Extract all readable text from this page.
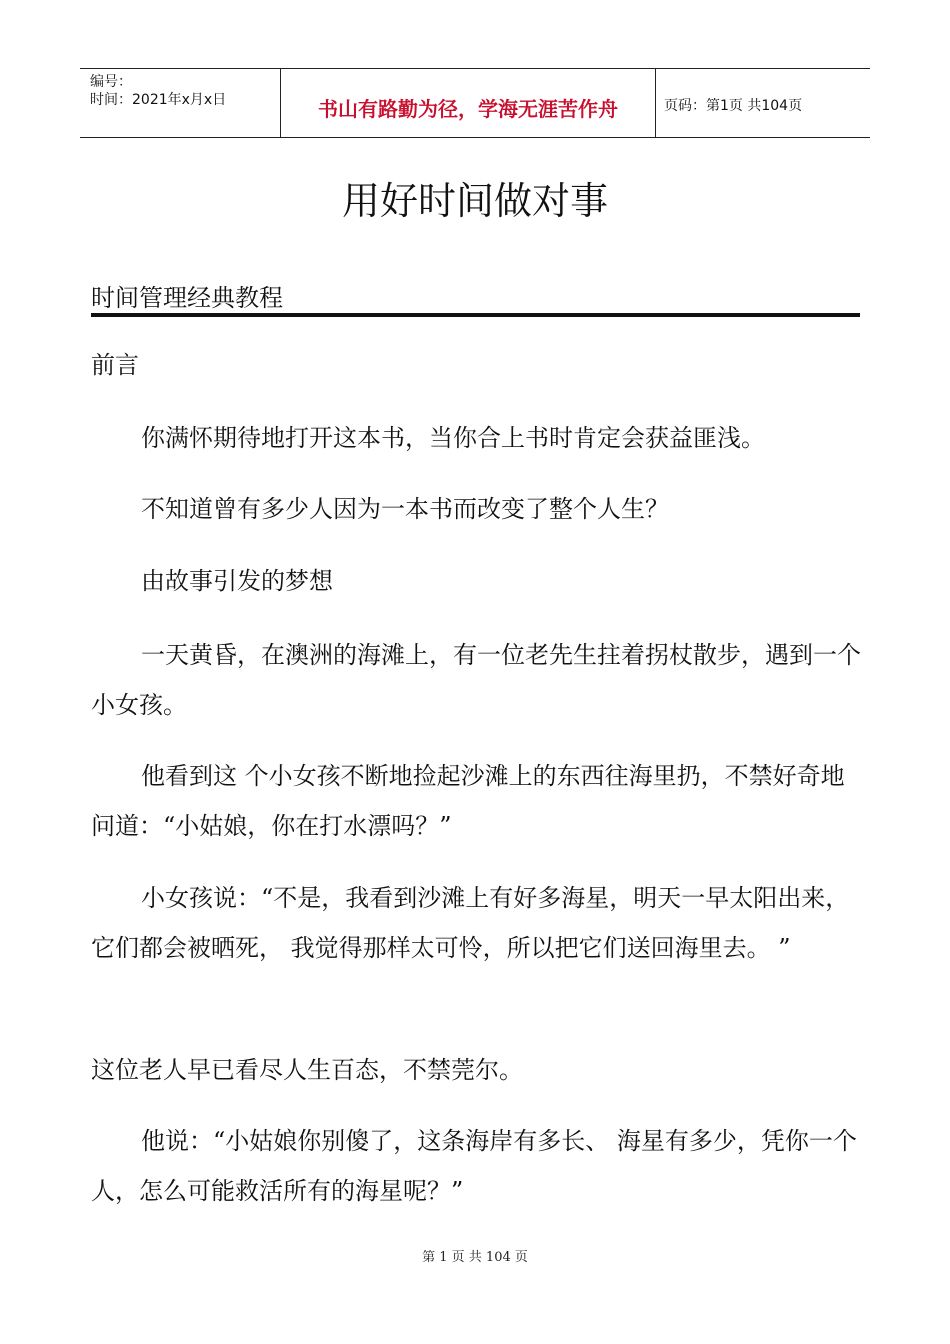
编号：
时间：2021年x月x日	书山有路勤为径，学海无涯苦作舟	页码：第1页 共104页
用好时间做对事
时间管理经典教程

前言

你满怀期待地打开这本书，当你合上书时肯定会获益匪浅。

不知道曾有多少人因为一本书而改变了整个人生？

由故事引发的梦想

一天黄昏，在澳洲的海滩上，有一位老先生拄着拐杖散步，遇到一个小女孩。

他看到这 个小女孩不断地捡起沙滩上的东西往海里扔，不禁好奇地问道：“小姑娘，你在打水漂吗？”

小女孩说：“不是，我看到沙滩上有好多海星，明天一早太阳出来，它们都会被晒死， 我觉得那样太可怜，所以把它们送回海里去。 ”

这位老人早已看尽人生百态，不禁莞尔。

他说：“小姑娘你别傻了，这条海岸有多长、 海星有多少，凭你一个人，怎么可能救活所有的海星呢？”

第 1 页 共 104 页
